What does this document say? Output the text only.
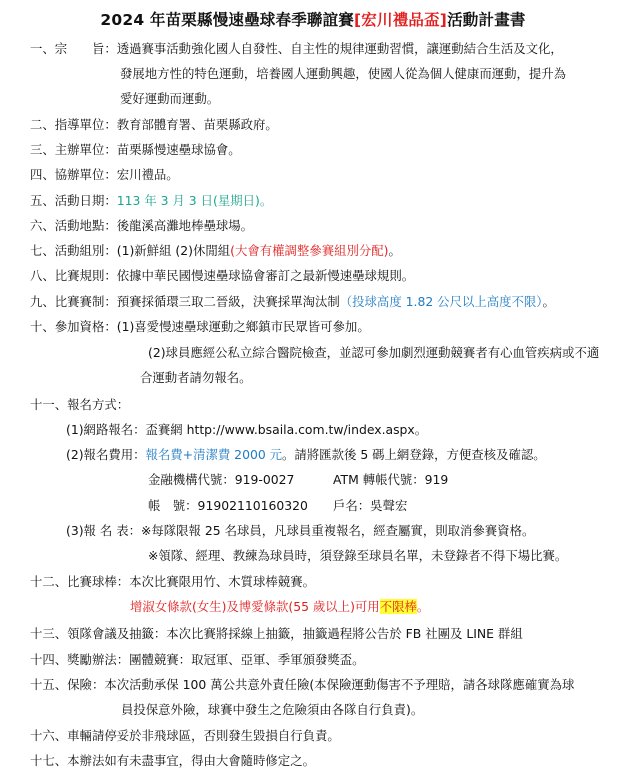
2024 年苗栗縣慢速壘球春季聯誼賽[宏川禮品盃]活動計畫書
一、宗　　旨：透過賽事活動強化國人自發性、自主性的規律運動習慣，讓運動結合生活及文化，
發展地方性的特色運動，培養國人運動興趣，使國人從為個人健康而運動，提升為
愛好運動而運動。
二、指導單位：教育部體育署、苗栗縣政府。
三、主辦單位：苗栗縣慢速壘球協會。
四、協辦單位：宏川禮品。
五、活動日期：113 年 3 月 3 日(星期日)。
六、活動地點：後龍溪高灘地棒壘球場。
七、活動組別：(1)新鮮組 (2)休閒組(大會有權調整參賽組別分配)。
八、比賽規則：依據中華民國慢速壘球協會審訂之最新慢速壘球規則。
九、比賽賽制：預賽採循環三取二晉級，決賽採單淘汰制（投球高度 1.82 公尺以上高度不限）。
十、參加資格：(1)喜愛慢速壘球運動之鄉鎮市民眾皆可參加。
(2)球員應經公私立綜合醫院檢查，並認可參加劇烈運動競賽者有心血管疾病或不適
合運動者請勿報名。
十一、報名方式：
(1)網路報名：盃賽網 http://www.bsaila.com.tw/index.aspx。
(2)報名費用：報名費+清潔費 2000 元。請將匯款後 5 碼上網登錄，方便查核及確認。
金融機構代號：919-0027	ATM 轉帳代號：919
帳　號：91902110160320 戶名：吳聲宏
(3)報 名 表：※每隊限報 25 名球員，凡球員重複報名，經查屬實，則取消參賽資格。
※領隊、經理、教練為球員時，須登錄至球員名單，未登錄者不得下場比賽。
十二、比賽球棒：本次比賽限用竹、木質球棒競賽。
增淑女條款(女生)及博愛條款(55 歲以上)可用不限棒。
十三、領隊會議及抽籤：本次比賽將採線上抽籤，抽籤過程將公告於 FB 社團及 LINE 群組
十四、獎勵辦法：團體競賽：取冠軍、亞軍、季軍頒發獎盃。
十五、保險：本次活動承保 100 萬公共意外責任險(本保險運動傷害不予理賠，請各球隊應確實為球
員投保意外險，球賽中發生之危險須由各隊自行負責)。
十六、車輛請停妥於非飛球區，否則發生毀損自行負責。
十七、本辦法如有未盡事宜，得由大會隨時修定之。
